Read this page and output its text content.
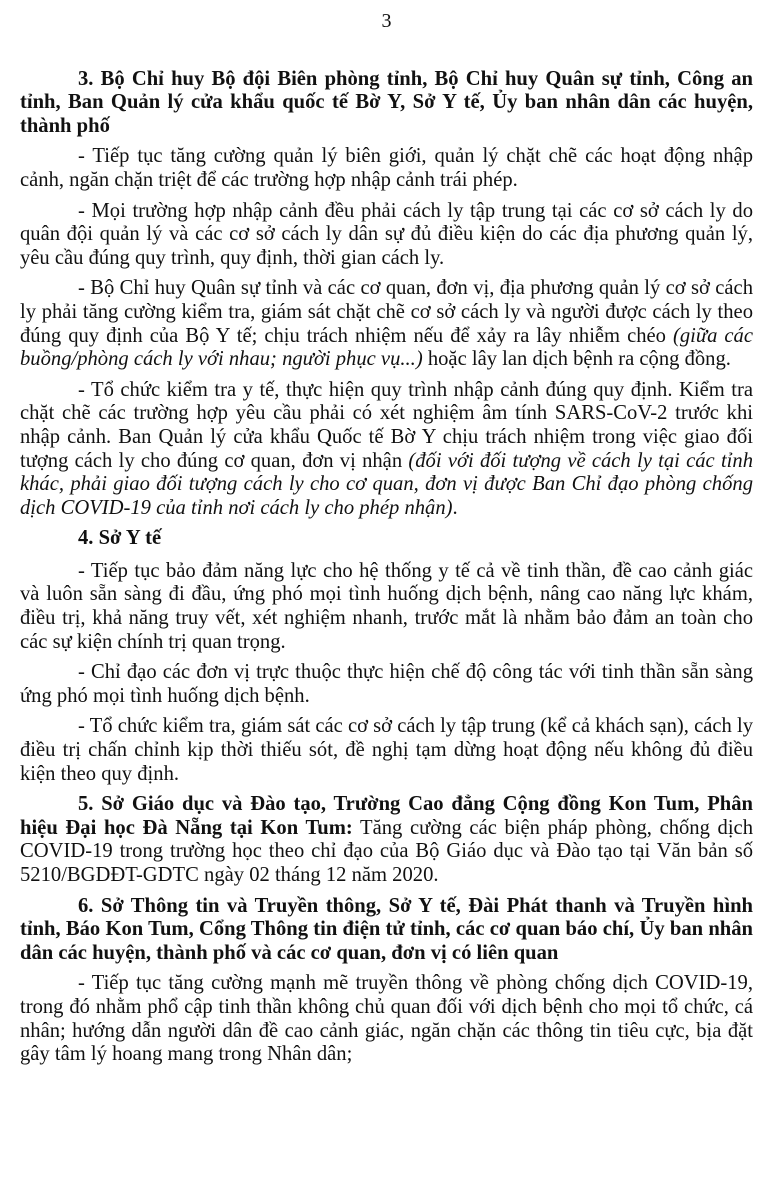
3

3. Bộ Chỉ huy Bộ đội Biên phòng tỉnh, Bộ Chỉ huy Quân sự tỉnh, Công an tỉnh, Ban Quản lý cửa khẩu quốc tế Bờ Y, Sở Y tế, Ủy ban nhân dân các huyện, thành phố

- Tiếp tục tăng cường quản lý biên giới, quản lý chặt chẽ các hoạt động nhập cảnh, ngăn chặn triệt để các trường hợp nhập cảnh trái phép.

- Mọi trường hợp nhập cảnh đều phải cách ly tập trung tại các cơ sở cách ly do quân đội quản lý và các cơ sở cách ly dân sự đủ điều kiện do các địa phương quản lý, yêu cầu đúng quy trình, quy định, thời gian cách ly.

- Bộ Chỉ huy Quân sự tỉnh và các cơ quan, đơn vị, địa phương quản lý cơ sở cách ly phải tăng cường kiểm tra, giám sát chặt chẽ cơ sở cách ly và người được cách ly theo đúng quy định của Bộ Y tế; chịu trách nhiệm nếu để xảy ra lây nhiễm chéo (giữa các buồng/phòng cách ly với nhau; người phục vụ...) hoặc lây lan dịch bệnh ra cộng đồng.

- Tổ chức kiểm tra y tế, thực hiện quy trình nhập cảnh đúng quy định. Kiểm tra chặt chẽ các trường hợp yêu cầu phải có xét nghiệm âm tính SARS-CoV-2 trước khi nhập cảnh. Ban Quản lý cửa khẩu Quốc tế Bờ Y chịu trách nhiệm trong việc giao đối tượng cách ly cho đúng cơ quan, đơn vị nhận (đối với đối tượng về cách ly tại các tỉnh khác, phải giao đối tượng cách ly cho cơ quan, đơn vị được Ban Chỉ đạo phòng chống dịch COVID-19 của tỉnh nơi cách ly cho phép nhận).

4. Sở Y tế

- Tiếp tục bảo đảm năng lực cho hệ thống y tế cả về tinh thần, đề cao cảnh giác và luôn sẵn sàng đi đầu, ứng phó mọi tình huống dịch bệnh, nâng cao năng lực khám, điều trị, khả năng truy vết, xét nghiệm nhanh, trước mắt là nhằm bảo đảm an toàn cho các sự kiện chính trị quan trọng.

- Chỉ đạo các đơn vị trực thuộc thực hiện chế độ công tác với tinh thần sẵn sàng ứng phó mọi tình huống dịch bệnh.

- Tổ chức kiểm tra, giám sát các cơ sở cách ly tập trung (kể cả khách sạn), cách ly điều trị chấn chỉnh kịp thời thiếu sót, đề nghị tạm dừng hoạt động nếu không đủ điều kiện theo quy định.

5. Sở Giáo dục và Đào tạo, Trường Cao đẳng Cộng đồng Kon Tum, Phân hiệu Đại học Đà Nẵng tại Kon Tum: Tăng cường các biện pháp phòng, chống dịch COVID-19 trong trường học theo chỉ đạo của Bộ Giáo dục và Đào tạo tại Văn bản số 5210/BGDĐT-GDTC ngày 02 tháng 12 năm 2020.

6. Sở Thông tin và Truyền thông, Sở Y tế, Đài Phát thanh và Truyền hình tỉnh, Báo Kon Tum, Cổng Thông tin điện tử tỉnh, các cơ quan báo chí, Ủy ban nhân dân các huyện, thành phố và các cơ quan, đơn vị có liên quan

- Tiếp tục tăng cường mạnh mẽ truyền thông về phòng chống dịch COVID-19, trong đó nhằm phổ cập tinh thần không chủ quan đối với dịch bệnh cho mọi tổ chức, cá nhân; hướng dẫn người dân đề cao cảnh giác, ngăn chặn các thông tin tiêu cực, bịa đặt gây tâm lý hoang mang trong Nhân dân;
